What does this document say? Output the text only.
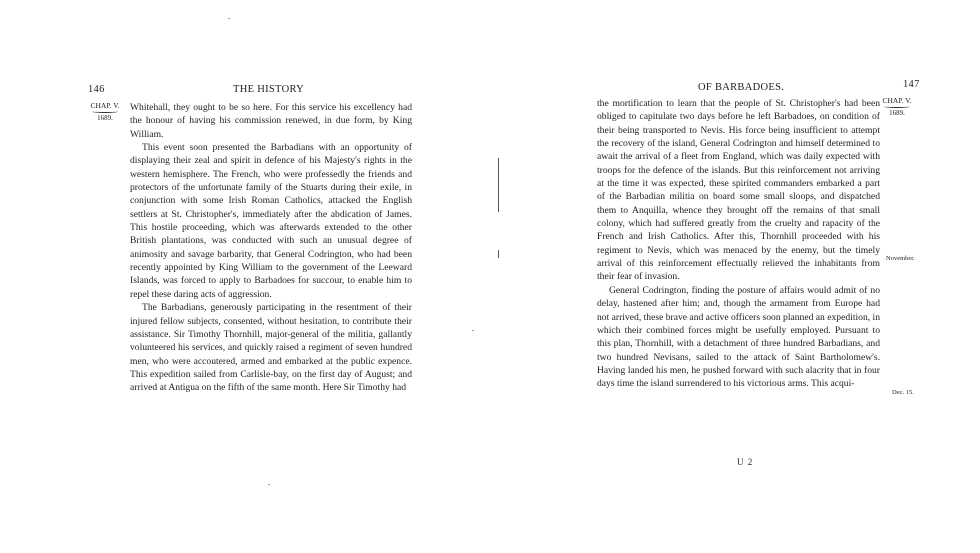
146	THE HISTORY
CHAP. V.
1689.

Whitehall, they ought to be so here. For this service his excellency had the honour of having his commission renewed, in due form, by King William.

This event soon presented the Barbadians with an opportunity of displaying their zeal and spirit in defence of his Majesty's rights in the western hemisphere. The French, who were professedly the friends and protectors of the unfortunate family of the Stuarts during their exile, in conjunction with some Irish Roman Catholics, attacked the English settlers at St. Christopher's, immediately after the abdication of James. This hostile proceeding, which was afterwards extended to the other British plantations, was conducted with such an unusual degree of animosity and savage barbarity, that General Codrington, who had been recently appointed by King William to the government of the Leeward Islands, was forced to apply to Barbadoes for succour, to enable him to repel these daring acts of aggression.

The Barbadians, generously participating in the resentment of their injured fellow subjects, consented, without hesitation, to contribute their assistance. Sir Timothy Thornhill, major-general of the militia, gallantly volunteered his services, and quickly raised a regiment of seven hundred men, who were accoutered, armed and embarked at the public expence. This expedition sailed from Carlisle-bay, on the first day of August; and arrived at Antigua on the fifth of the same month. Here Sir Timothy had

OF BARBADOES.	147
CHAP. V.
1689.

the mortification to learn that the people of St. Christopher's had been obliged to capitulate two days before he left Barbadoes, on condition of their being transported to Nevis. His force being insufficient to attempt the recovery of the island, General Codrington and himself determined to await the arrival of a fleet from England, which was daily expected with troops for the defence of the islands. But this reinforcement not arriving at the time it was expected, these spirited commanders embarked a part of the Barbadian militia on board some small sloops, and dispatched them to Anquilla, whence they brought off the remains of that small colony, which had suffered greatly from the cruelty and rapacity of the French and Irish Catholics. After this, Thornhill proceeded with his regiment to Nevis, which was menaced by the enemy, but the timely arrival of this reinforcement effectually relieved the inhabitants from their fear of invasion.

General Codrington, finding the posture of affairs would admit of no delay, hastened after him; and, though the armament from Europe had not arrived, these brave and active officers soon planned an expedition, in which their combined forces might be usefully employed. Pursuant to this plan, Thornhill, with a detachment of three hundred Barbadians, and two hundred Nevisans, sailed to the attack of Saint Bartholomew's. Having landed his men, he pushed forward with such alacrity that in four days time the island surrendered to his victorious arms. This acqui-

November.
Dec. 15.
U 2
